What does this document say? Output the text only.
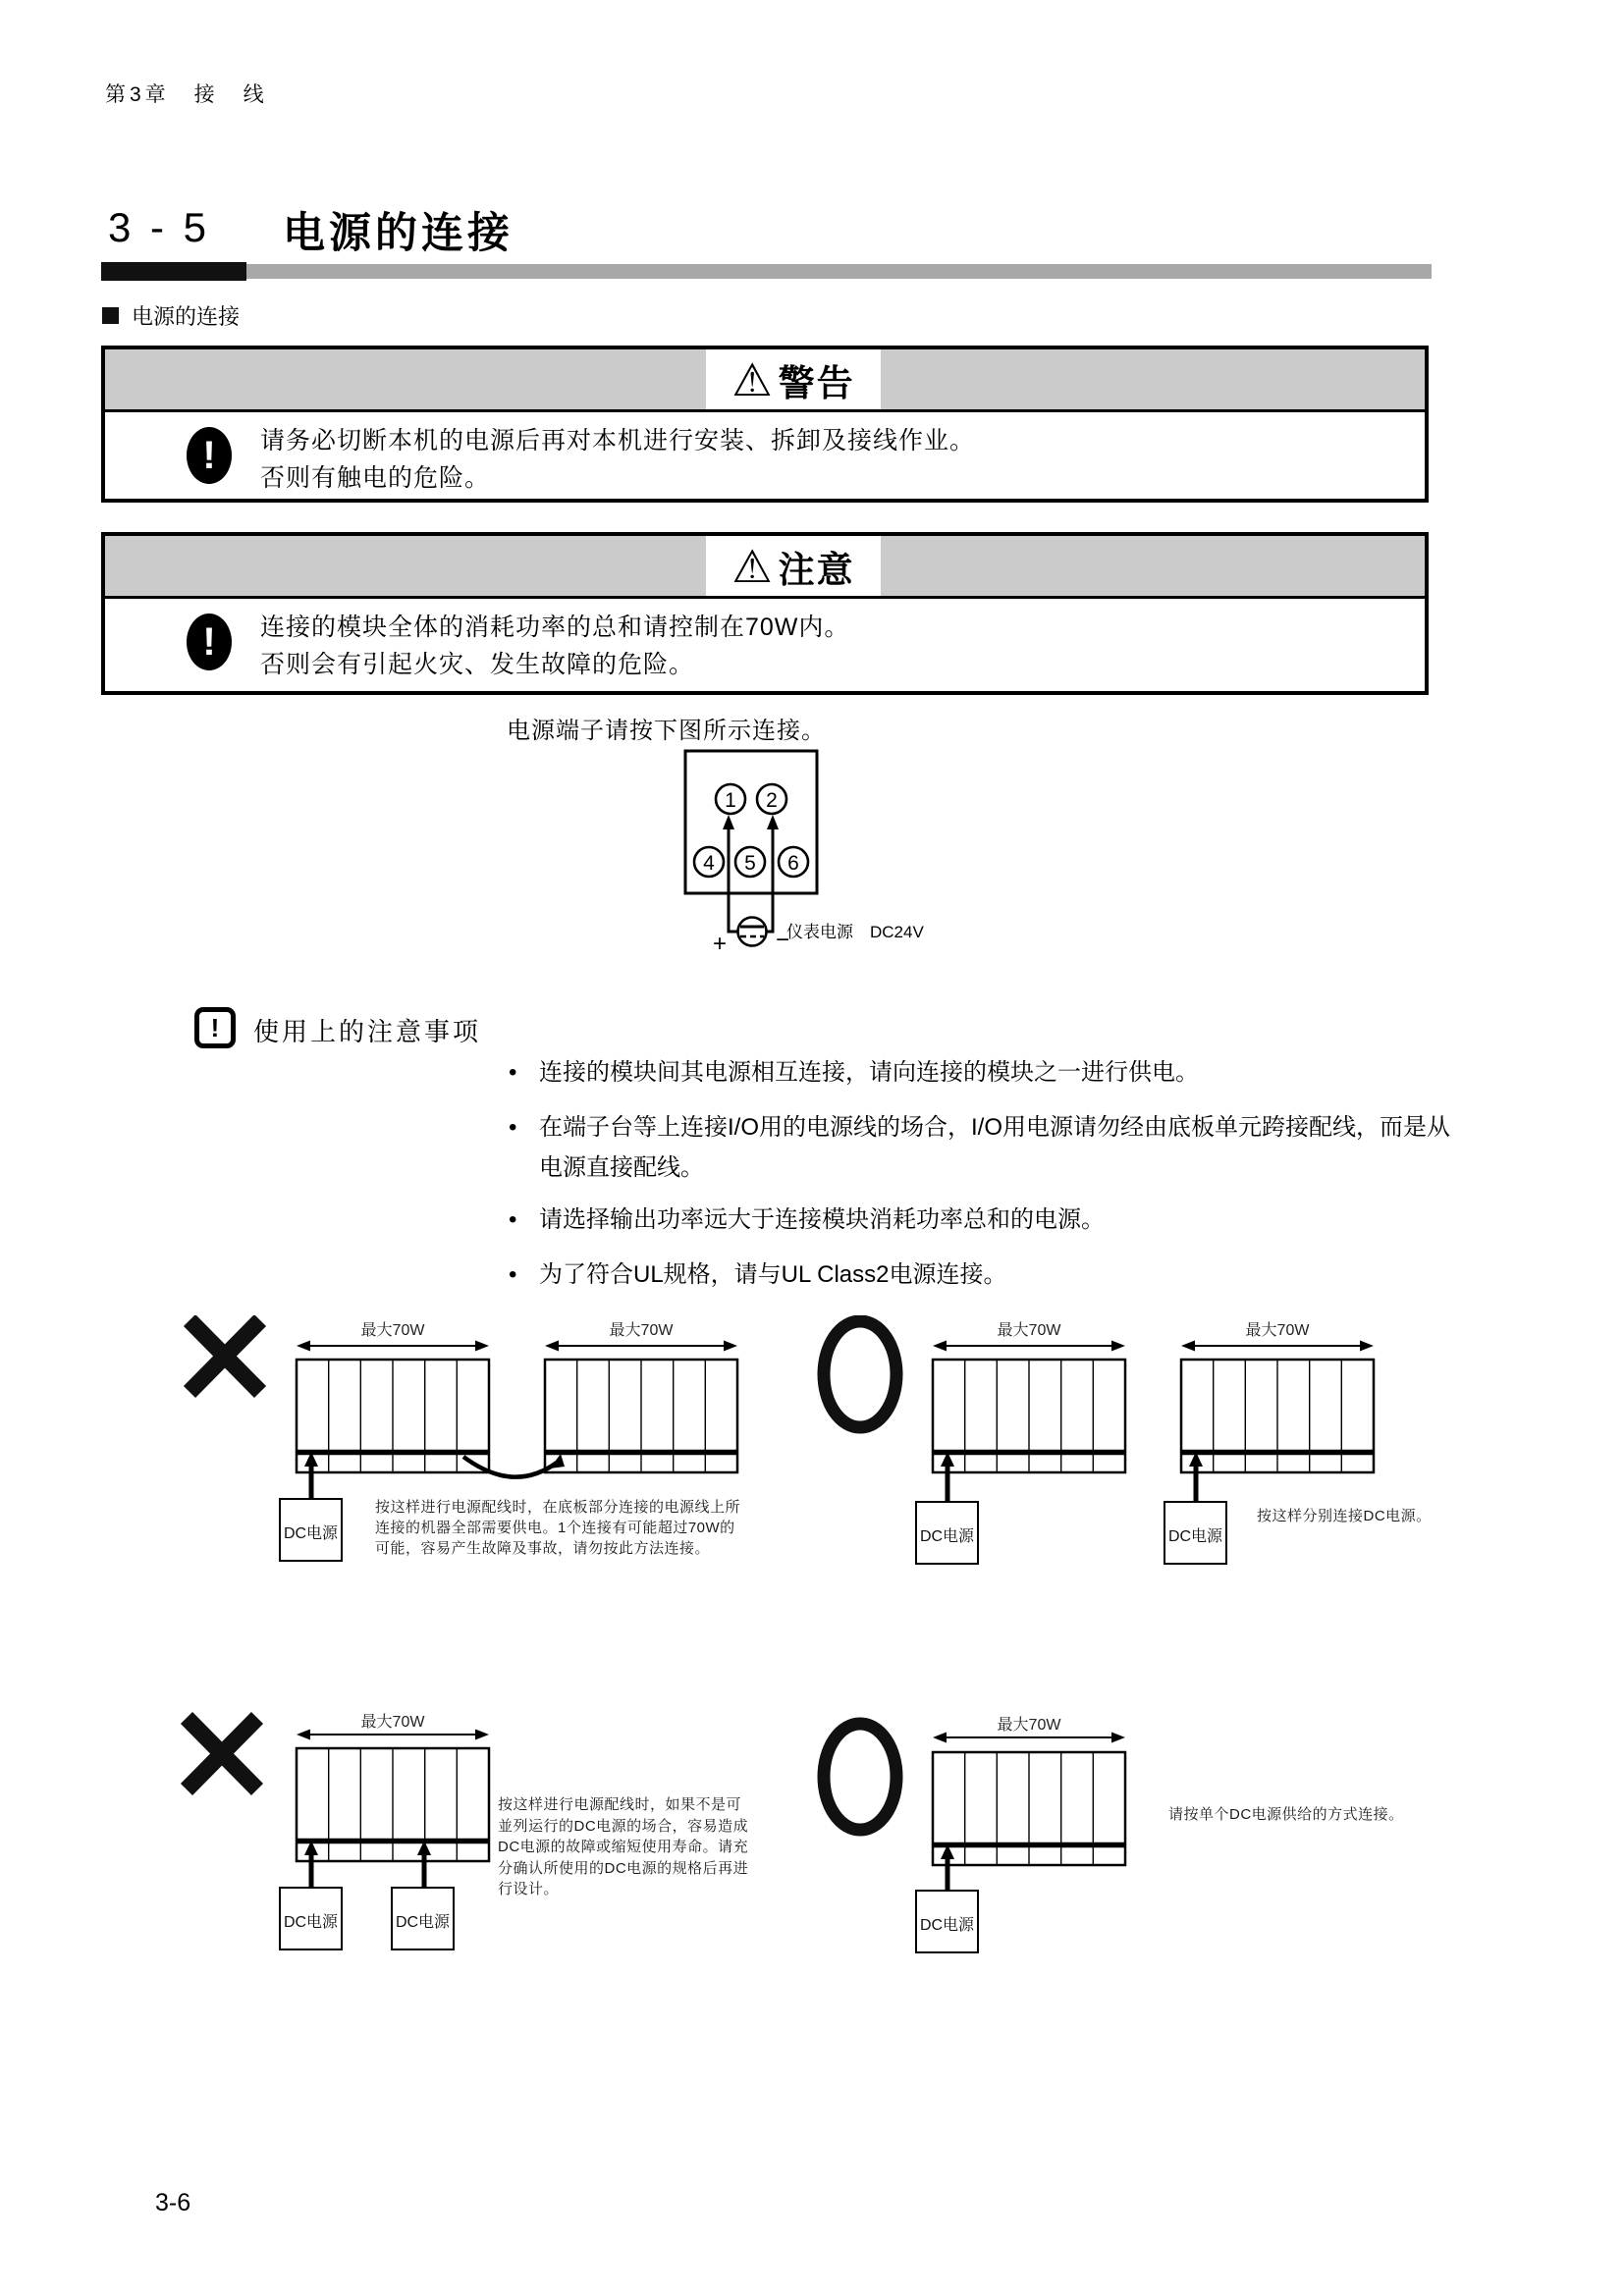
第3章　接　线
3 - 5 电源的连接
电源的连接
⚠ 警告
!	请务必切断本机的电源后再对本机进行安装、拆卸及接线作业。
否则有触电的危险。
⚠ 注意
!	连接的模块全体的消耗功率的总和请控制在70W内。
否则会有引起火灾、发生故障的危险。
电源端子请按下图所示连接。
1 2
4 5 6
+ −
仪表电源　DC24V
!	使用上的注意事项
• 连接的模块间其电源相互连接，请向连接的模块之一进行供电。
• 在端子台等上连接I/O用的电源线的场合，I/O用电源请勿经由底板单元跨接配线，而是从电源直接配线。
• 请选择输出功率远大于连接模块消耗功率总和的电源。
• 为了符合UL规格，请与UL Class2电源连接。
最大70W	最大70W
DC电源
最大70W	最大70W
DC电源	DC电源
按这样进行电源配线时，在底板部分连接的电源线上所
连接的机器全部需要供电。1个连接有可能超过70W的
可能，容易产生故障及事故，请勿按此方法连接。
按这样分别连接DC电源。
最大70W
DC电源	DC电源
最大70W
DC电源
按这样进行电源配线时，如果不是可
並列运行的DC电源的场合，容易造成
DC电源的故障或缩短使用寿命。请充
分确认所使用的DC电源的规格后再进
行设计。
请按单个DC电源供给的方式连接。
3-6
